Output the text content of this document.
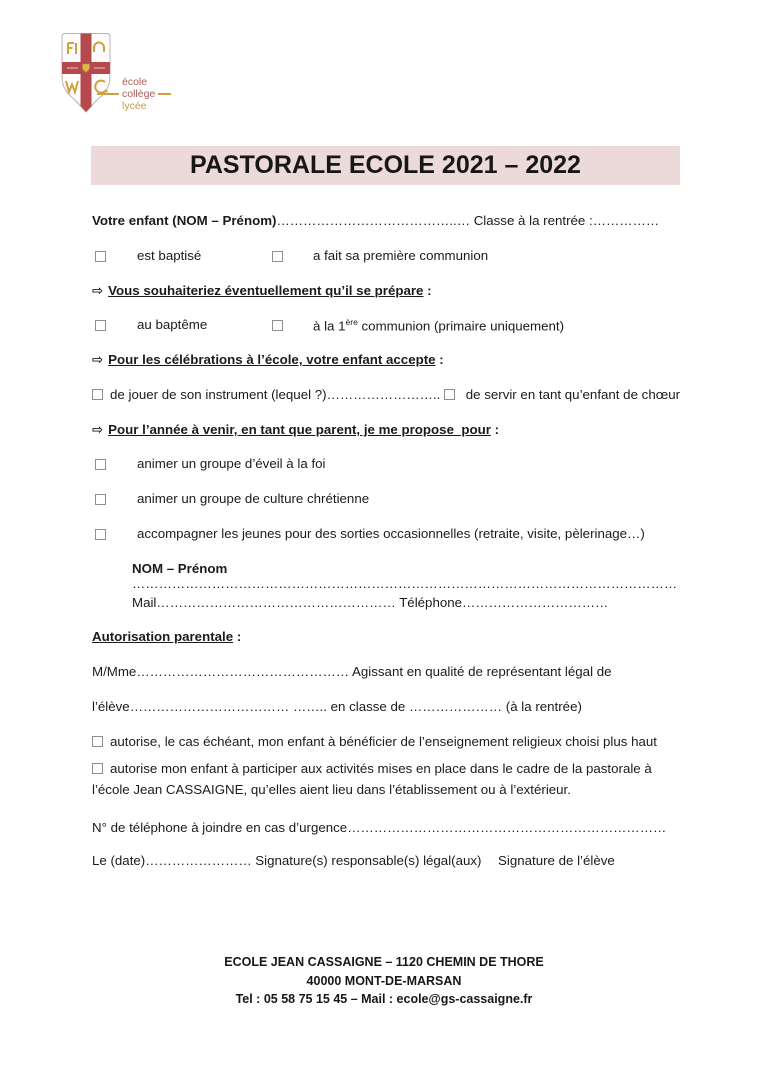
école
collège
lycée
PASTORALE ECOLE 2021 – 2022
Votre enfant (NOM – Prénom)…………………………………..… Classe à la rentrée :……………
est baptisé	a fait sa première communion
⇨ Vous souhaiteriez éventuellement qu’il se prépare :
au baptême	à la 1ère communion (primaire uniquement)
⇨ Pour les célébrations à l’école, votre enfant accepte :
de jouer de son instrument (lequel ?)……………………..  de servir en tant qu’enfant de chœur
⇨ Pour l’année à venir, en tant que parent, je me propose  pour :
animer un groupe d’éveil à la foi
animer un groupe de culture chrétienne
accompagner les jeunes pour des sorties occasionnelles (retraite, visite, pèlerinage…)
NOM – Prénom ……………………………………………………………………………………………………………
Mail……………………………………………… Téléphone……………………………
Autorisation parentale :
M/Mme………………………………………… Agissant en qualité de représentant légal de
l’élève……………………………… …….. en classe de ………………… (à la rentrée)
autorise, le cas échéant, mon enfant à bénéficier de l’enseignement religieux choisi plus haut
autorise mon enfant à participer aux activités mises en place dans le cadre de la pastorale à l’école Jean CASSAIGNE, qu’elles aient lieu dans l’établissement ou à l’extérieur.
N° de téléphone à joindre en cas d’urgence………………………………………………………………
Le (date)…………………… Signature(s) responsable(s) légal(aux) Signature de l’élève
ECOLE JEAN CASSAIGNE – 1120 CHEMIN DE THORE
40000 MONT-DE-MARSAN
Tel : 05 58 75 15 45 – Mail : ecole@gs-cassaigne.fr
